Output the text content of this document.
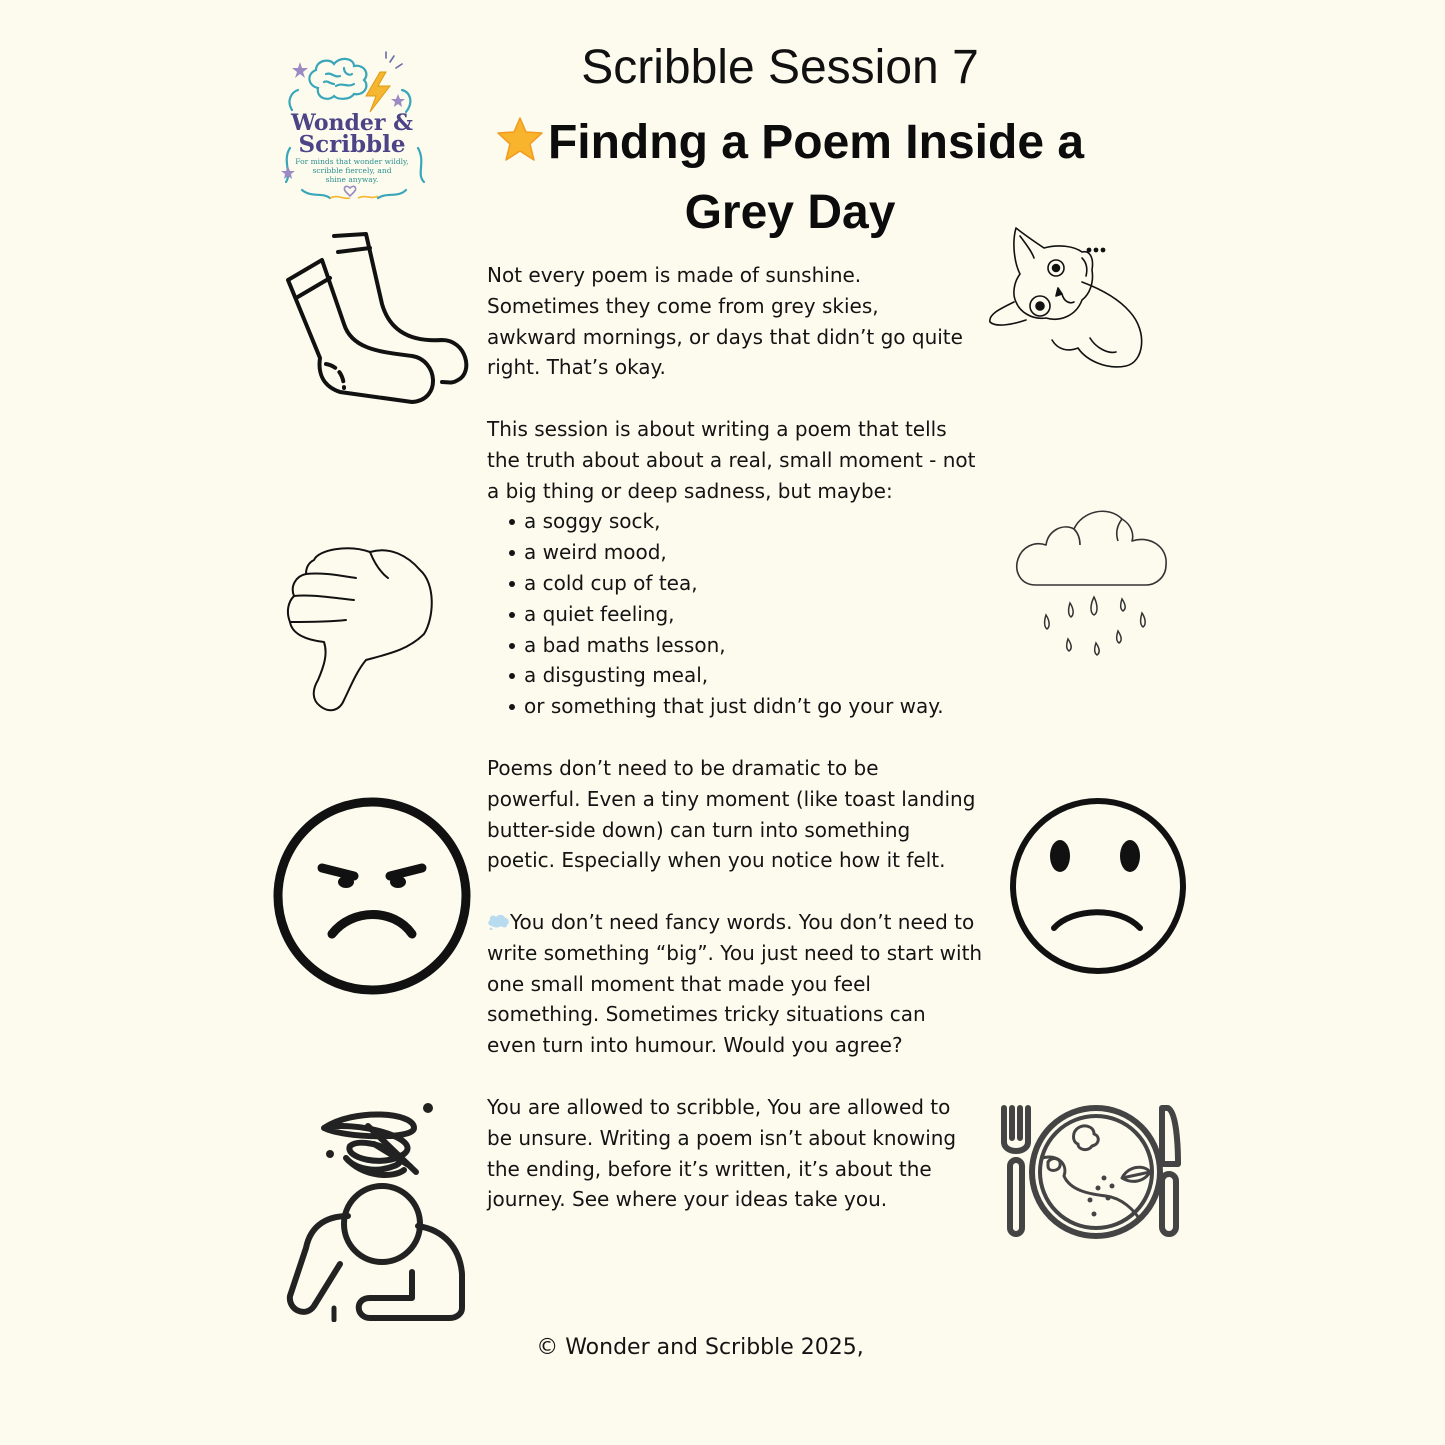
Wonder &
Scribble
For minds that wonder wildly,
scribble fiercely, and
shine anyway.
Scribble Session 7
Findng a Poem Inside a Grey Day

Not every poem is made of sunshine.

Sometimes they come from grey skies,

awkward mornings, or days that didn’t go quite

right. That’s okay.

This session is about writing a poem that tells

the truth about about a real, small moment - not

a big thing or deep sadness, but maybe:

a soggy sock,
a weird mood,
a cold cup of tea,
a quiet feeling,
a bad maths lesson,
a disgusting meal,
or something that just didn’t go your way.

Poems don’t need to be dramatic to be

powerful. Even a tiny moment (like toast landing

butter-side down) can turn into something

poetic. Especially when you notice how it felt.

You don’t need fancy words. You don’t need to

write something “big”. You just need to start with

one small moment that made you feel

something. Sometimes tricky situations can

even turn into humour. Would you agree?

You are allowed to scribble, You are allowed to

be unsure. Writing a poem isn’t about knowing

the ending, before it’s written, it’s about the

journey. See where your ideas take you.

© Wonder and Scribble 2025,
